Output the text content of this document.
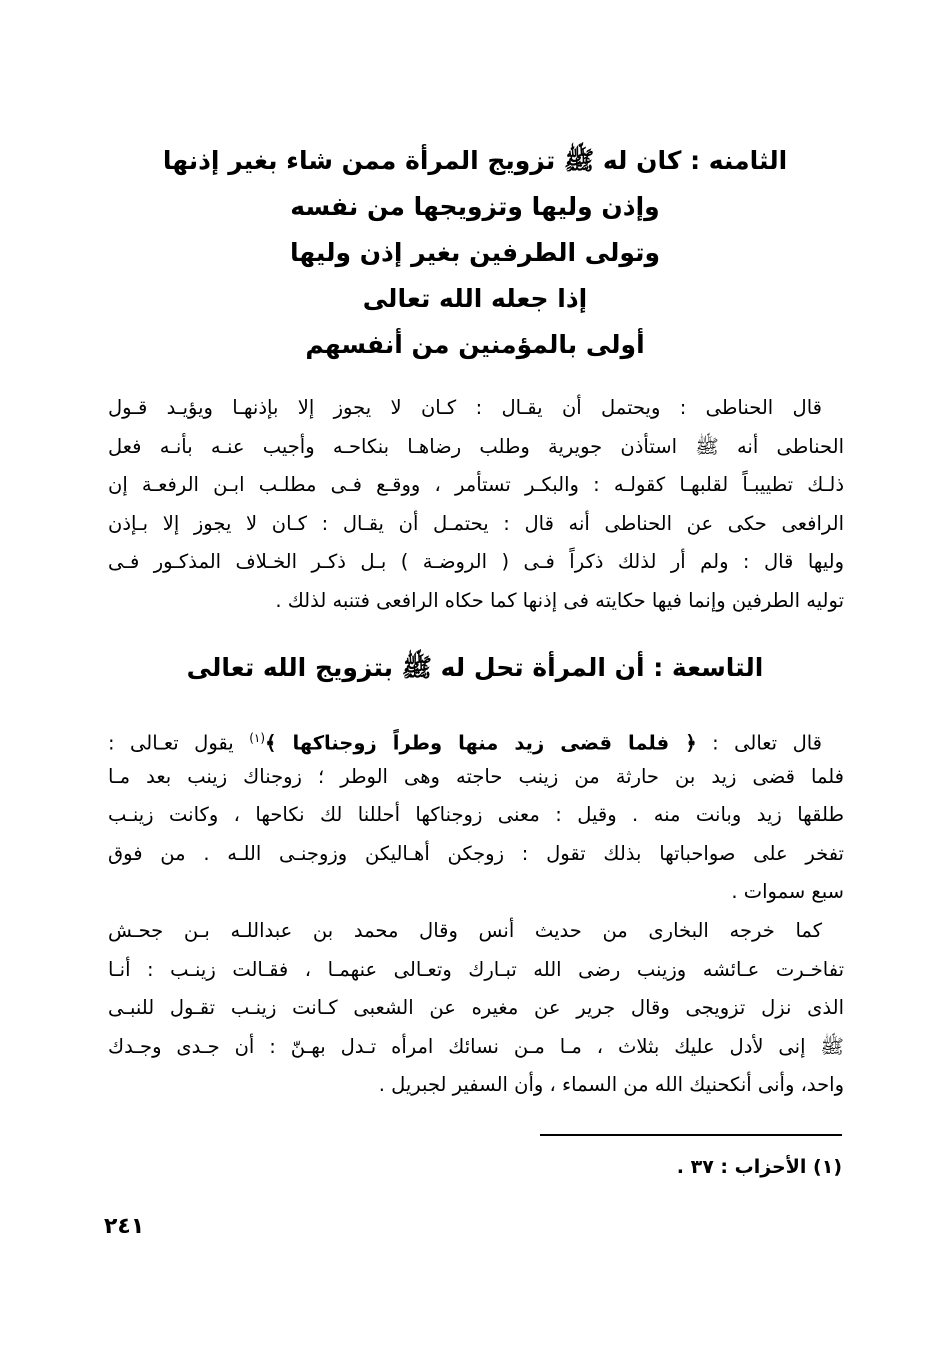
الثامنه : كان له ﷺ تزويج المرأة ممن شاء بغير إذنها
وإذن وليها وتزويجها من نفسه
وتولى الطرفين بغير إذن وليها
إذا جعله الله تعالى
أولى بالمؤمنين من أنفسهم
قال الحناطى : ويحتمل أن يقـال : كـان لا يجوز إلا بإذنهـا ويؤيـد قـول
الحناطى أنه ﷺ استأذن جويرية وطلب رضاهـا بنكاحـه وأجيب عنـه بأنـه فعل
ذلـك تطييبـاً لقلبهـا كقولـه : والبكـر تستأمر ، ووقـع فـى مطلـب ابـن الرفعـة إن
الرافعى حكى عن الحناطى أنه قال : يحتمـل أن يقـال : كـان لا يجوز إلا بـإذن
وليها قال : ولم أر لذلك ذكراً فـى ( الروضـة ) بـل ذكـر الخـلاف المذكـور فـى
توليه الطرفين وإنما فيها حكايته فى إذنها كما حكاه الرافعى فتنبه لذلك .
التاسعة : أن المرأة تحل له ﷺ بتزويج الله تعالى
قال تعالى : ﴿ فلما قضى زيد منها وطراً زوجناكها ﴾$^{(١)}$ يقول تعـالى :
فلما قضى زيد بن حارثة من زينب حاجته وهى الوطر ؛ زوجناك زينب بعد مـا
طلقها زيد وبانت منه . وقيل : معنى زوجناكها أحللنا لك نكاحها ، وكانت زينـب
تفخر على صواحباتها بذلك تقول : زوجكن أهـاليكن وزوجنـى اللـه . من فوق
سبع سموات .
كما خرجه البخارى من حديث أنس وقال محمد بن عبداللـه بـن جحـش
تفاخـرت عـائشه وزينب رضى الله تبـارك وتعـالى عنهمـا ، فقـالت زينـب : أنـا
الذى نزل تزويجى وقال جرير عن مغيره عن الشعبى كـانت زينـب تقـول للنبـى
ﷺ إنى لأدل عليك بثلاث ، مـا مـن نسائك امرأه تـدل بهـنّ : أن جـدى وجـدك
واحد، وأنى أنكحنيك الله من السماء ، وأن السفير لجبريل .
(١) الأحزاب : ٣٧ .
٢٤١
